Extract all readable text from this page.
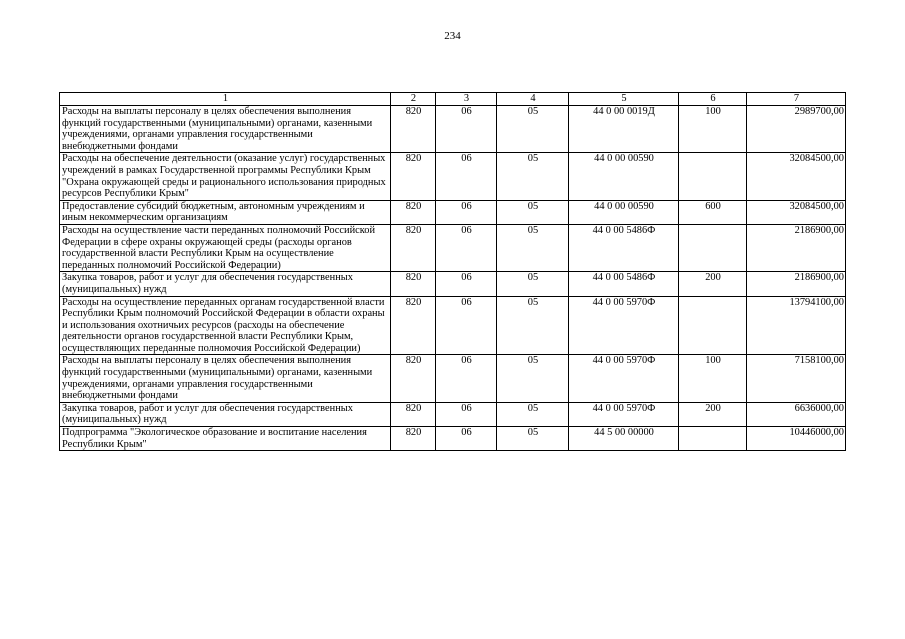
234
1	2	3	4	5	6	7
Расходы на выплаты персоналу в целях обеспечения выполнения функций государственными (муниципальными) органами, казенными учреждениями, органами управления государственными внебюджетными фондами	820	06	05	44 0 00 0019Д	100	2989700,00
Расходы на обеспечение деятельности (оказание услуг) государственных учреждений в рамках Государственной программы Республики Крым "Охрана окружающей среды и рационального использования природных ресурсов Республики Крым"	820	06	05	44 0 00 00590		32084500,00
Предоставление субсидий бюджетным, автономным учреждениям и иным некоммерческим организациям	820	06	05	44 0 00 00590	600	32084500,00
Расходы на осуществление части переданных полномочий Российской Федерации в сфере охраны окружающей среды (расходы органов государственной власти Республики Крым на осуществление переданных полномочий Российской Федерации)	820	06	05	44 0 00 5486Ф		2186900,00
Закупка товаров, работ и услуг для обеспечения государственных (муниципальных) нужд	820	06	05	44 0 00 5486Ф	200	2186900,00
Расходы на осуществление переданных органам государственной власти Республики Крым полномочий Российской Федерации в области охраны и использования охотничьих ресурсов (расходы на обеспечение деятельности органов государственной власти Республики Крым, осуществляющих переданные полномочия Российской Федерации)	820	06	05	44 0 00 5970Ф		13794100,00
Расходы на выплаты персоналу в целях обеспечения выполнения функций государственными (муниципальными) органами, казенными учреждениями, органами управления государственными внебюджетными фондами	820	06	05	44 0 00 5970Ф	100	7158100,00
Закупка товаров, работ и услуг для обеспечения государственных (муниципальных) нужд	820	06	05	44 0 00 5970Ф	200	6636000,00
Подпрограмма "Экологическое образование и воспитание населения Республики Крым"	820	06	05	44 5 00 00000		10446000,00
